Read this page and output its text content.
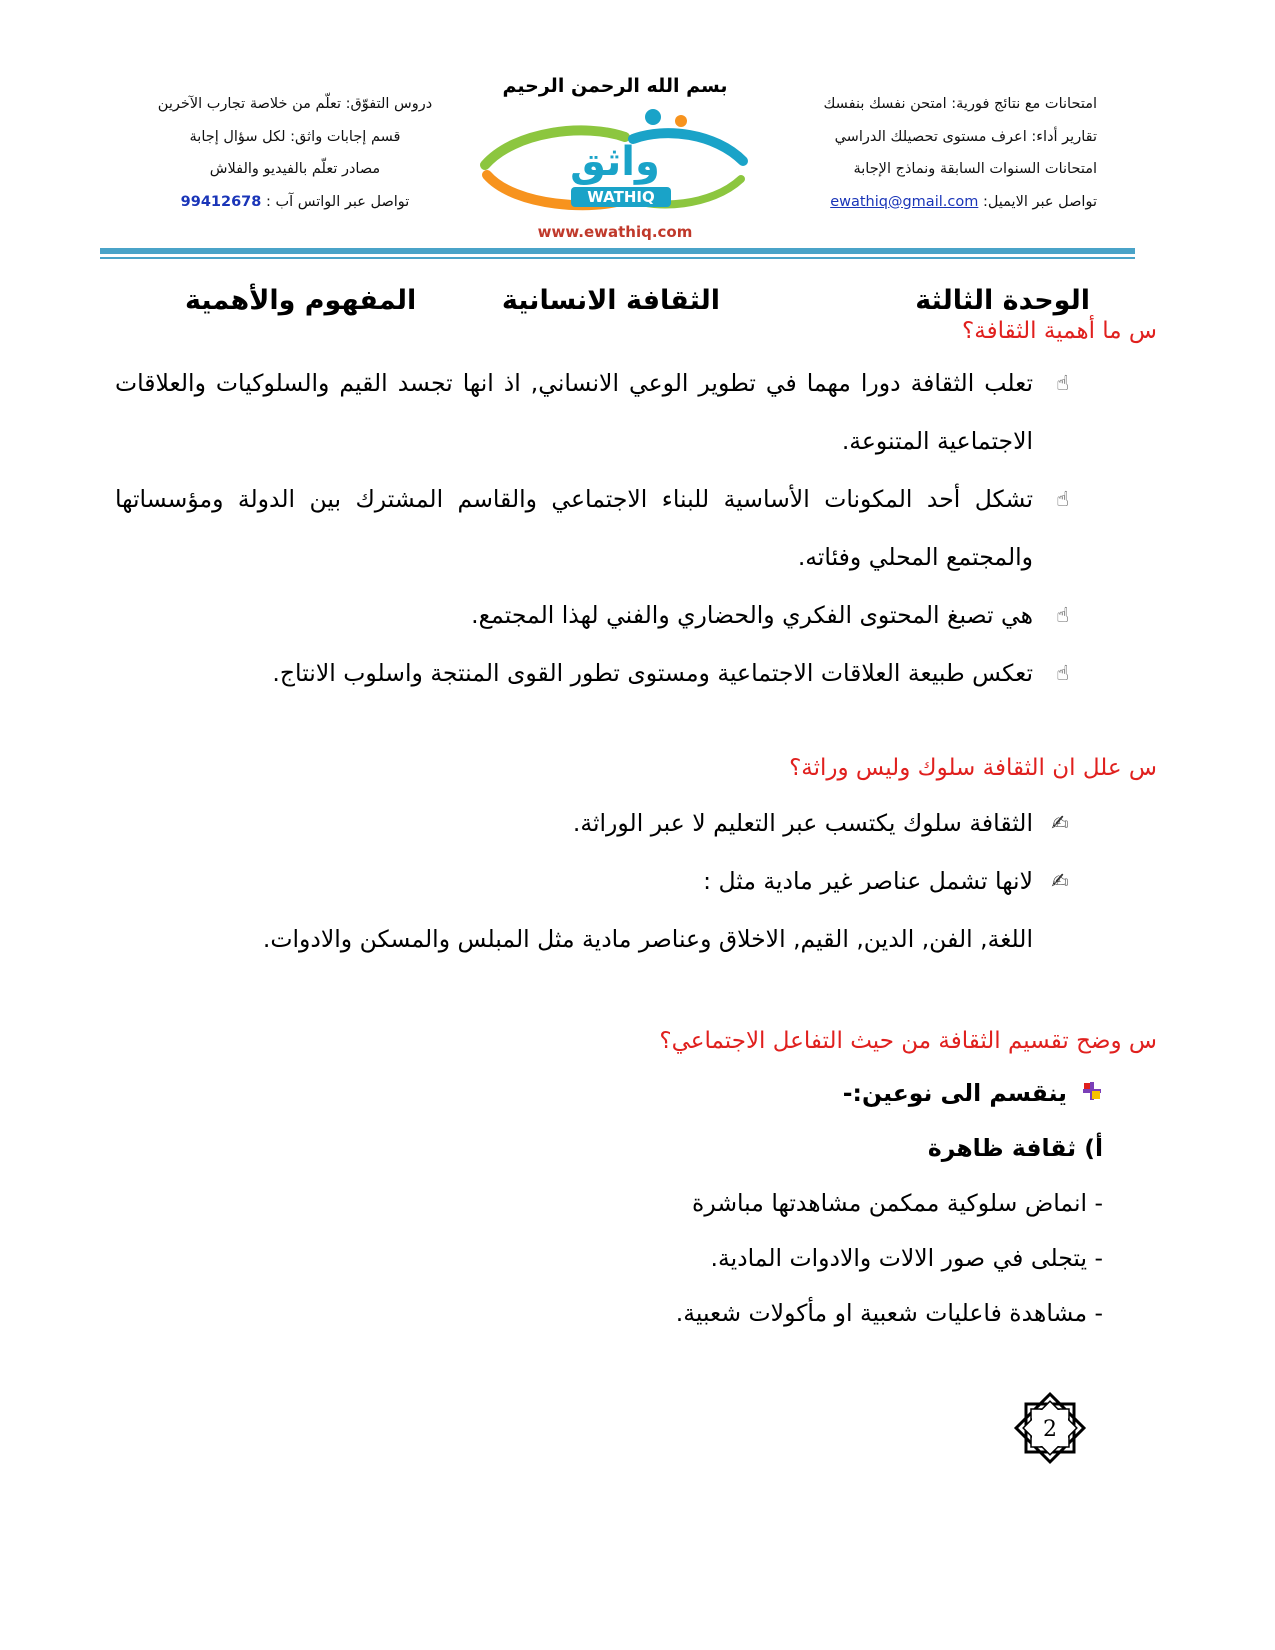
امتحانات مع نتائج فورية: امتحن نفسك بنفسك
تقارير أداء: اعرف مستوى تحصيلك الدراسي
امتحانات السنوات السابقة ونماذج الإجابة
تواصل عبر الايميل: ewathiq@gmail.com
بسم الله الرحمن الرحيم
واثق
WATHIQ
www.ewathiq.com
دروس التفوّق: تعلّم من خلاصة تجارب الآخرين
قسم إجابات واثق: لكل سؤال إجابة
مصادر تعلّم بالفيديو والفلاش
تواصل عبر الواتس آب : 99412678
الوحدة الثالثة
الثقافة الانسانية
المفهوم والأهمية
س ما أهمية الثقافة؟
☝
تعلب الثقافة دورا مهما في تطوير الوعي الانساني, اذ انها تجسد القيم والسلوكيات والعلاقات الاجتماعية المتنوعة.
☝
تشكل أحد المكونات الأساسية للبناء الاجتماعي والقاسم المشترك بين الدولة ومؤسساتها والمجتمع المحلي وفئاته.
☝
هي تصبغ المحتوى الفكري والحضاري والفني لهذا المجتمع.
☝
تعكس طبيعة العلاقات الاجتماعية ومستوى تطور القوى المنتجة واسلوب الانتاج.
س علل ان الثقافة سلوك وليس وراثة؟
✍
الثقافة سلوك يكتسب عبر التعليم لا عبر الوراثة.
✍
لانها تشمل عناصر غير مادية مثل :
اللغة, الفن, الدين, القيم, الاخلاق وعناصر مادية مثل المبلس والمسكن والادوات.
س وضح تقسيم الثقافة من حيث التفاعل الاجتماعي؟
ينقسم الى نوعين:-
أ) ثقافة ظاهرة
- انماض سلوكية ممكمن مشاهدتها مباشرة
- يتجلى في صور الالات والادوات المادية.
- مشاهدة فاعليات شعبية او مأكولات شعبية.
2
